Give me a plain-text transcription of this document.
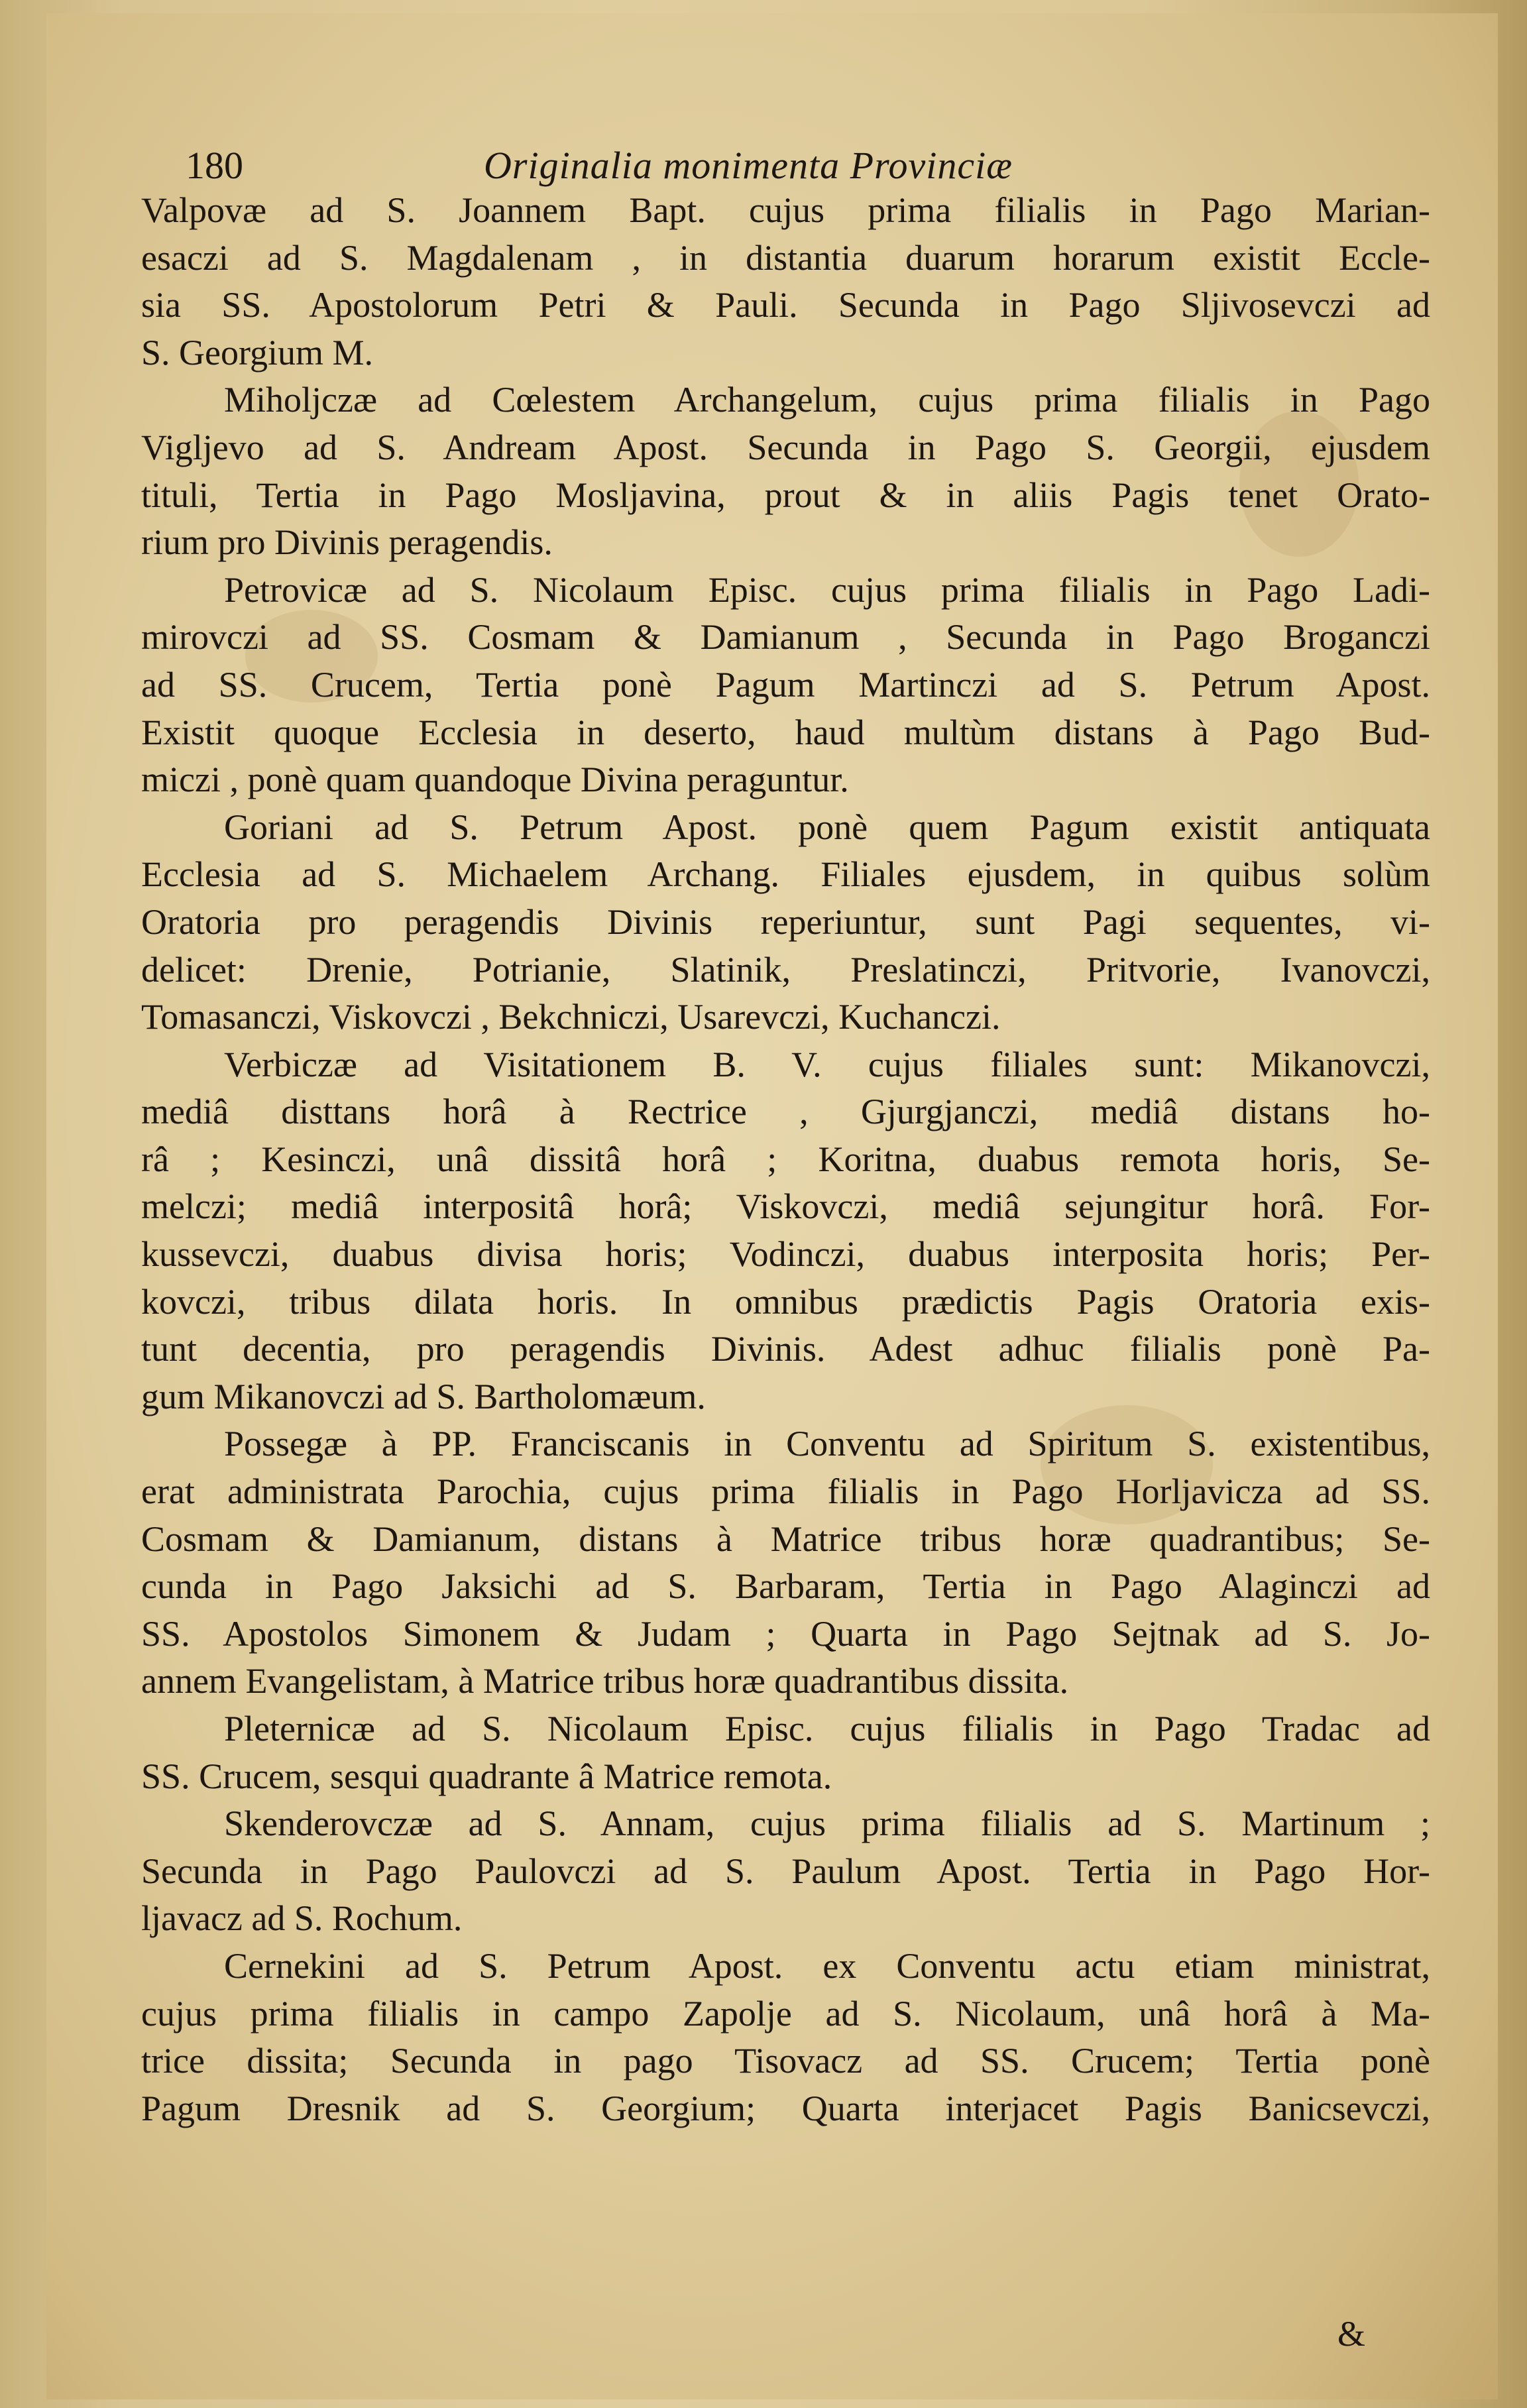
180	Originalia monimenta Provinciæ
Valpovæ ad S. Joannem Bapt. cujus prima filialis in Pago Marian-
esaczi ad S. Magdalenam , in distantia duarum horarum existit Eccle-
sia SS. Apostolorum Petri & Pauli. Secunda in Pago Sljivosevczi ad
S. Georgium M.
Miholjczæ ad Cœlestem Archangelum, cujus prima filialis in Pago
Vigljevo ad S. Andream Apost. Secunda in Pago S. Georgii, ejusdem
tituli, Tertia in Pago Mosljavina, prout & in aliis Pagis tenet Orato-
rium pro Divinis peragendis.
Petrovicæ ad S. Nicolaum Episc. cujus prima filialis in Pago Ladi-
mirovczi ad SS. Cosmam & Damianum , Secunda in Pago Broganczi
ad SS. Crucem, Tertia ponè Pagum Martinczi ad S. Petrum Apost.
Existit quoque Ecclesia in deserto, haud multùm distans à Pago Bud-
miczi , ponè quam quandoque Divina peraguntur.
Goriani ad S. Petrum Apost. ponè quem Pagum existit antiquata
Ecclesia ad S. Michaelem Archang. Filiales ejusdem, in quibus solùm
Oratoria pro peragendis Divinis reperiuntur, sunt Pagi sequentes, vi-
delicet: Drenie, Potrianie, Slatinik, Preslatinczi, Pritvorie, Ivanovczi,
Tomasanczi, Viskovczi , Bekchniczi, Usarevczi, Kuchanczi.
Verbiczæ ad Visitationem B. V. cujus filiales sunt: Mikanovczi,
mediâ disttans horâ à Rectrice , Gjurgjanczi, mediâ distans ho-
râ ; Kesinczi, unâ dissitâ horâ ; Koritna, duabus remota horis, Se-
melczi; mediâ interpositâ horâ; Viskovczi, mediâ sejungitur horâ. For-
kussevczi, duabus divisa horis; Vodinczi, duabus interposita horis; Per-
kovczi, tribus dilata horis. In omnibus prædictis Pagis Oratoria exis-
tunt decentia, pro peragendis Divinis. Adest adhuc filialis ponè Pa-
gum Mikanovczi ad S. Bartholomæum.
Possegæ à PP. Franciscanis in Conventu ad Spiritum S. existentibus,
erat administrata Parochia, cujus prima filialis in Pago Horljavicza ad SS.
Cosmam & Damianum, distans à Matrice tribus horæ quadrantibus; Se-
cunda in Pago Jaksichi ad S. Barbaram, Tertia in Pago Alaginczi ad
SS. Apostolos Simonem & Judam ; Quarta in Pago Sejtnak ad S. Jo-
annem Evangelistam, à Matrice tribus horæ quadrantibus dissita.
Pleternicæ ad S. Nicolaum Episc. cujus filialis in Pago Tradac ad
SS. Crucem, sesqui quadrante â Matrice remota.
Skenderovczæ ad S. Annam, cujus prima filialis ad S. Martinum ;
Secunda in Pago Paulovczi ad S. Paulum Apost. Tertia in Pago Hor-
ljavacz ad S. Rochum.
Cernekini ad S. Petrum Apost. ex Conventu actu etiam ministrat,
cujus prima filialis in campo Zapolje ad S. Nicolaum, unâ horâ à Ma-
trice dissita; Secunda in pago Tisovacz ad SS. Crucem; Tertia ponè
Pagum Dresnik ad S. Georgium; Quarta interjacet Pagis Banicsevczi,
&
